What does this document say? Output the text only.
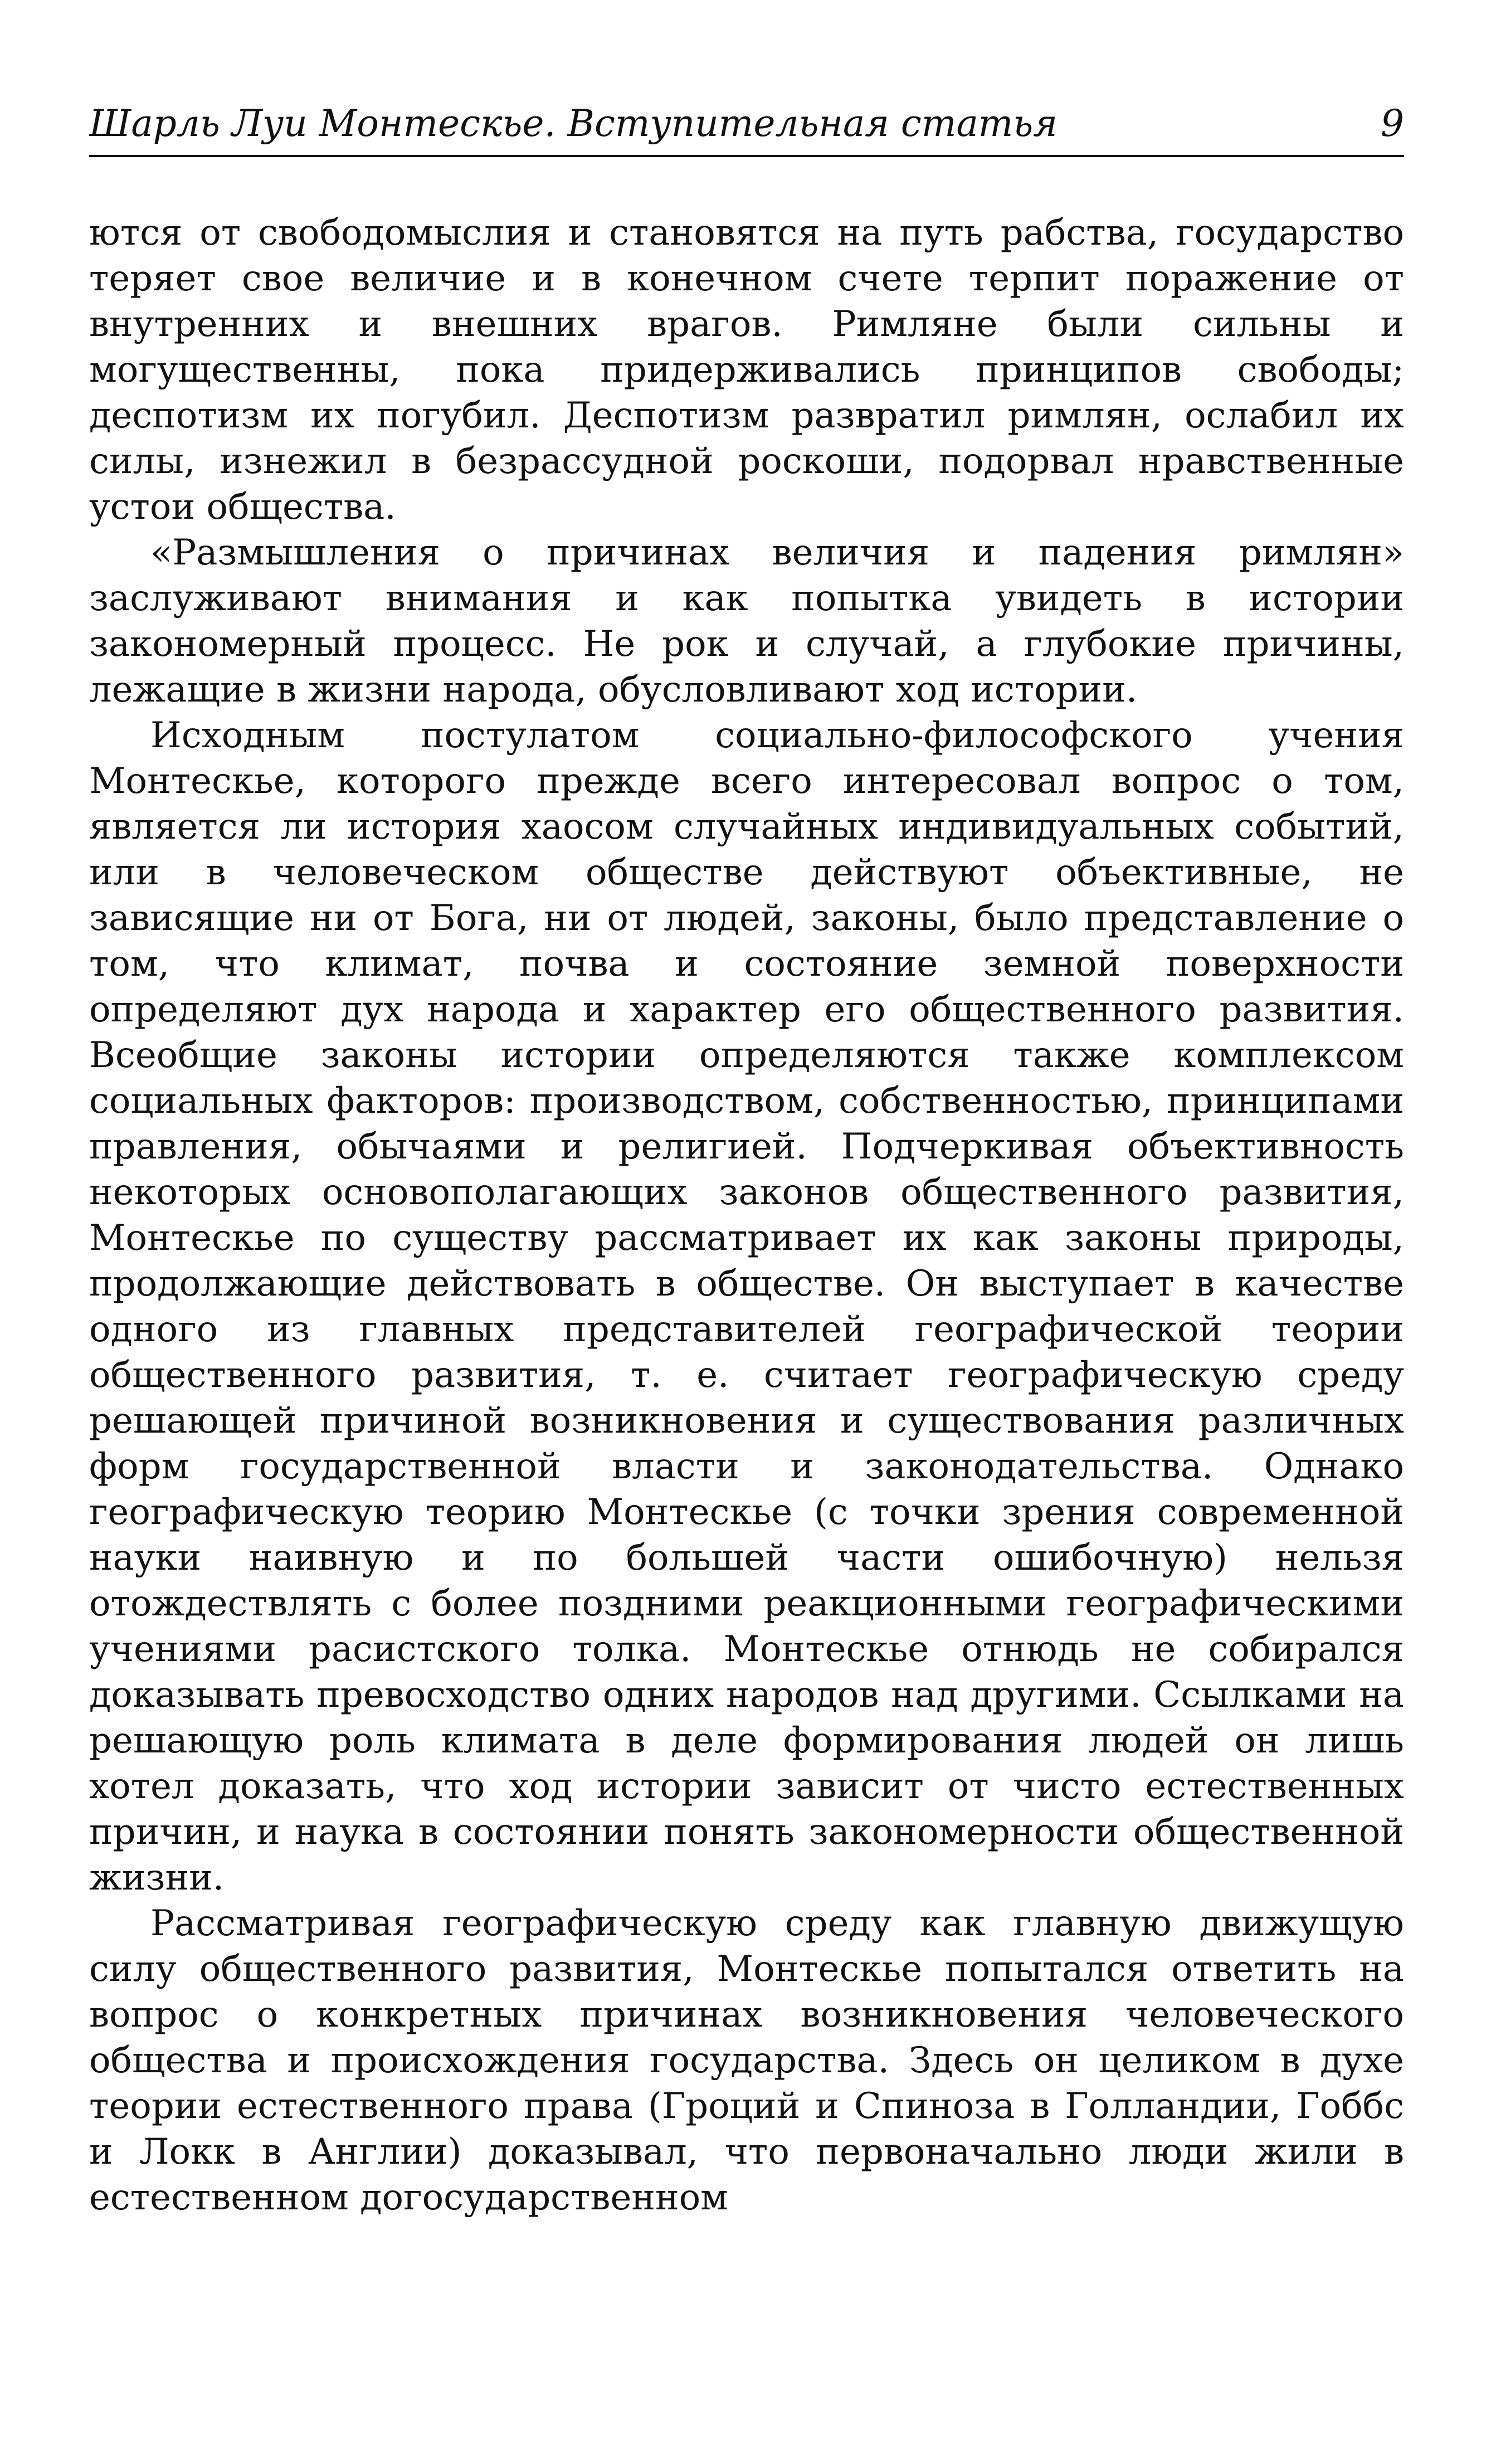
Шарль Луи Монтескье. Вступительная статья	9

ются от свободомыслия и становятся на путь рабства, государство теряет свое величие и в конечном счете терпит поражение от внутренних и внешних врагов. Римляне были сильны и могущественны, пока придерживались принципов свободы; деспотизм их погубил. Деспотизм развратил римлян, ослабил их силы, изнежил в безрассудной роскоши, подорвал нравственные устои общества.

«Размышления о причинах величия и падения римлян» заслуживают внимания и как попытка увидеть в истории закономерный процесс. Не рок и случай, а глубокие причины, лежащие в жизни народа, обусловливают ход истории.

Исходным постулатом социально-философского учения Монтескье, которого прежде всего интересовал вопрос о том, является ли история хаосом случайных индивидуальных событий, или в человеческом обществе действуют объективные, не зависящие ни от Бога, ни от людей, законы, было представление о том, что климат, почва и состояние земной поверхности определяют дух народа и характер его общественного развития. Всеобщие законы истории определяются также комплексом социальных факторов: производством, собственностью, принципами правления, обычаями и религией. Подчеркивая объективность некоторых основополагающих законов общественного развития, Монтескье по существу рассматривает их как законы природы, продолжающие действовать в обществе. Он выступает в качестве одного из главных представителей географической теории общественного развития, т. е. считает географическую среду решающей причиной возникновения и существования различных форм государственной власти и законодательства. Однако географическую теорию Монтескье (с точки зрения современной науки наивную и по большей части ошибочную) нельзя отождествлять с более поздними реакционными географическими учениями расистского толка. Монтескье отнюдь не собирался доказывать превосходство одних народов над другими. Ссылками на решающую роль климата в деле формирования людей он лишь хотел доказать, что ход истории зависит от чисто естественных причин, и наука в состоянии понять закономерности общественной жизни.

Рассматривая географическую среду как главную движущую силу общественного развития, Монтескье попытался ответить на вопрос о конкретных причинах возникновения человеческого общества и происхождения государства. Здесь он целиком в духе теории естественного права (Гроций и Спиноза в Голландии, Гоббс и Локк в Англии) доказывал, что первоначально люди жили в естественном догосударственном
